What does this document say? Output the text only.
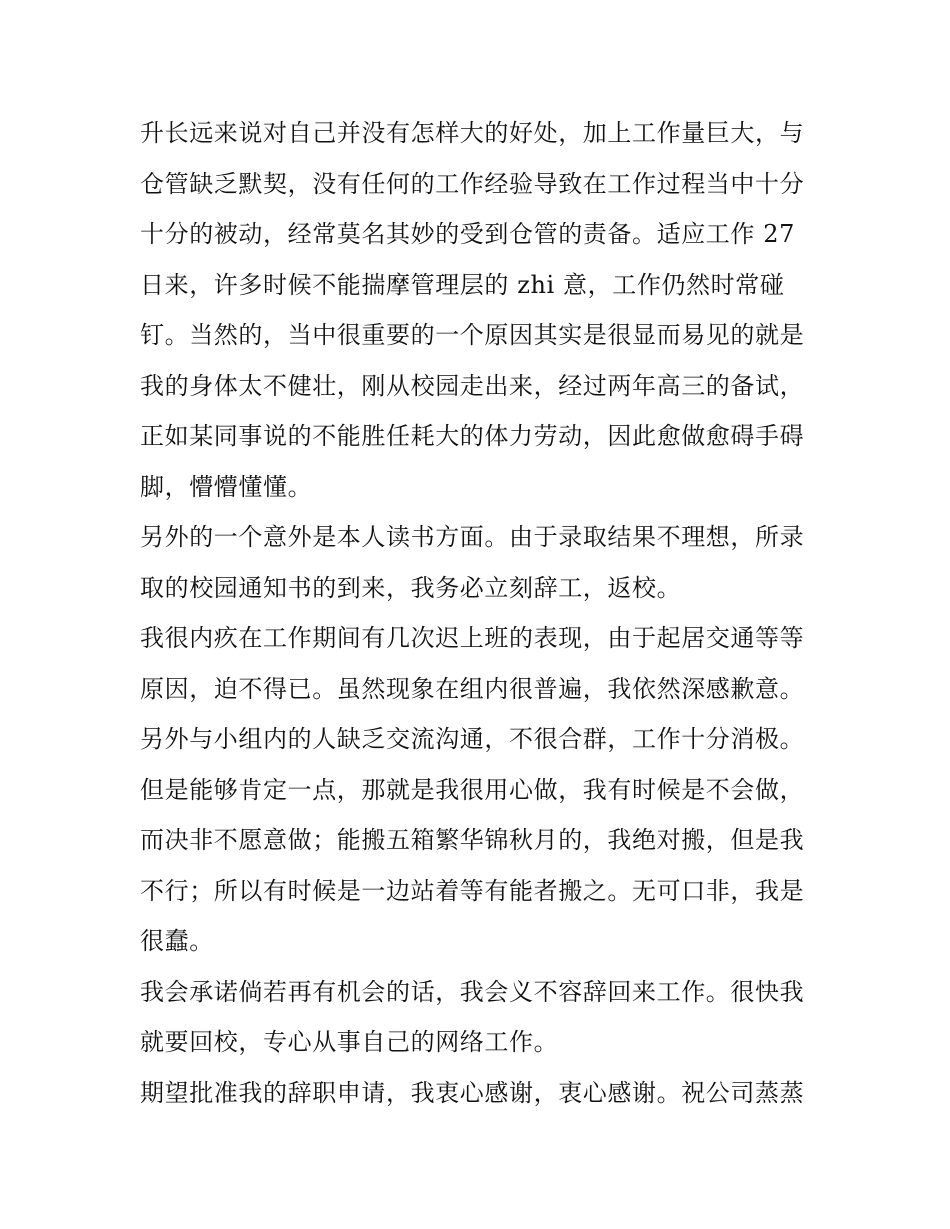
升长远来说对自己并没有怎样大的好处，加上工作量巨大，与
仓管缺乏默契，没有任何的工作经验导致在工作过程当中十分
十分的被动，经常莫名其妙的受到仓管的责备。适应工作 27
日来，许多时候不能揣摩管理层的 zhi 意，工作仍然时常碰
钉。当然的，当中很重要的一个原因其实是很显而易见的就是
我的身体太不健壮，刚从校园走出来，经过两年高三的备试，
正如某同事说的不能胜任耗大的体力劳动，因此愈做愈碍手碍
脚，懵懵懂懂。
另外的一个意外是本人读书方面。由于录取结果不理想，所录
取的校园通知书的到来，我务必立刻辞工，返校。
我很内疚在工作期间有几次迟上班的表现，由于起居交通等等
原因，迫不得已。虽然现象在组内很普遍，我依然深感歉意。
另外与小组内的人缺乏交流沟通，不很合群，工作十分消极。
但是能够肯定一点，那就是我很用心做，我有时候是不会做，
而决非不愿意做；能搬五箱繁华锦秋月的，我绝对搬，但是我
不行；所以有时候是一边站着等有能者搬之。无可口非，我是
很蠢。
我会承诺倘若再有机会的话，我会义不容辞回来工作。很快我
就要回校，专心从事自己的网络工作。
期望批准我的辞职申请，我衷心感谢，衷心感谢。祝公司蒸蒸
